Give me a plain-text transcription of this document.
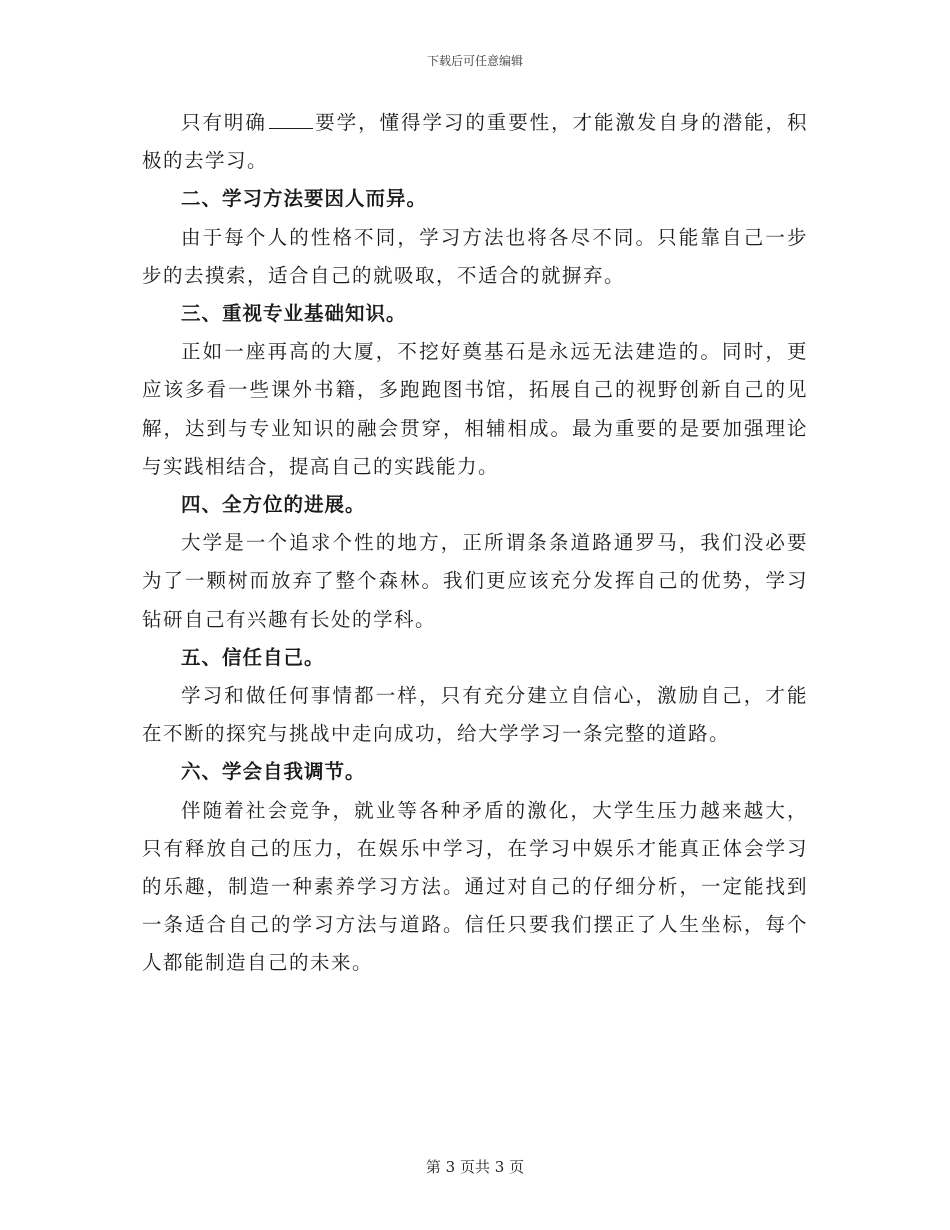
下载后可任意编辑

只有明确 要学，懂得学习的重要性，才能激发自身的潜能，积极的去学习。

二、学习方法要因人而异。

由于每个人的性格不同，学习方法也将各尽不同。只能靠自己一步步的去摸索，适合自己的就吸取，不适合的就摒弃。

三、重视专业基础知识。

正如一座再高的大厦，不挖好奠基石是永远无法建造的。同时，更应该多看一些课外书籍，多跑跑图书馆，拓展自己的视野创新自己的见解，达到与专业知识的融会贯穿，相辅相成。最为重要的是要加强理论与实践相结合，提高自己的实践能力。

四、全方位的进展。

大学是一个追求个性的地方，正所谓条条道路通罗马，我们没必要为了一颗树而放弃了整个森林。我们更应该充分发挥自己的优势，学习钻研自己有兴趣有长处的学科。

五、信任自己。

学习和做任何事情都一样，只有充分建立自信心，激励自己，才能在不断的探究与挑战中走向成功，给大学学习一条完整的道路。

六、学会自我调节。

伴随着社会竞争，就业等各种矛盾的激化，大学生压力越来越大，只有释放自己的压力，在娱乐中学习，在学习中娱乐才能真正体会学习的乐趣，制造一种素养学习方法。通过对自己的仔细分析，一定能找到一条适合自己的学习方法与道路。信任只要我们摆正了人生坐标，每个人都能制造自己的未来。

第 3 页共 3 页
